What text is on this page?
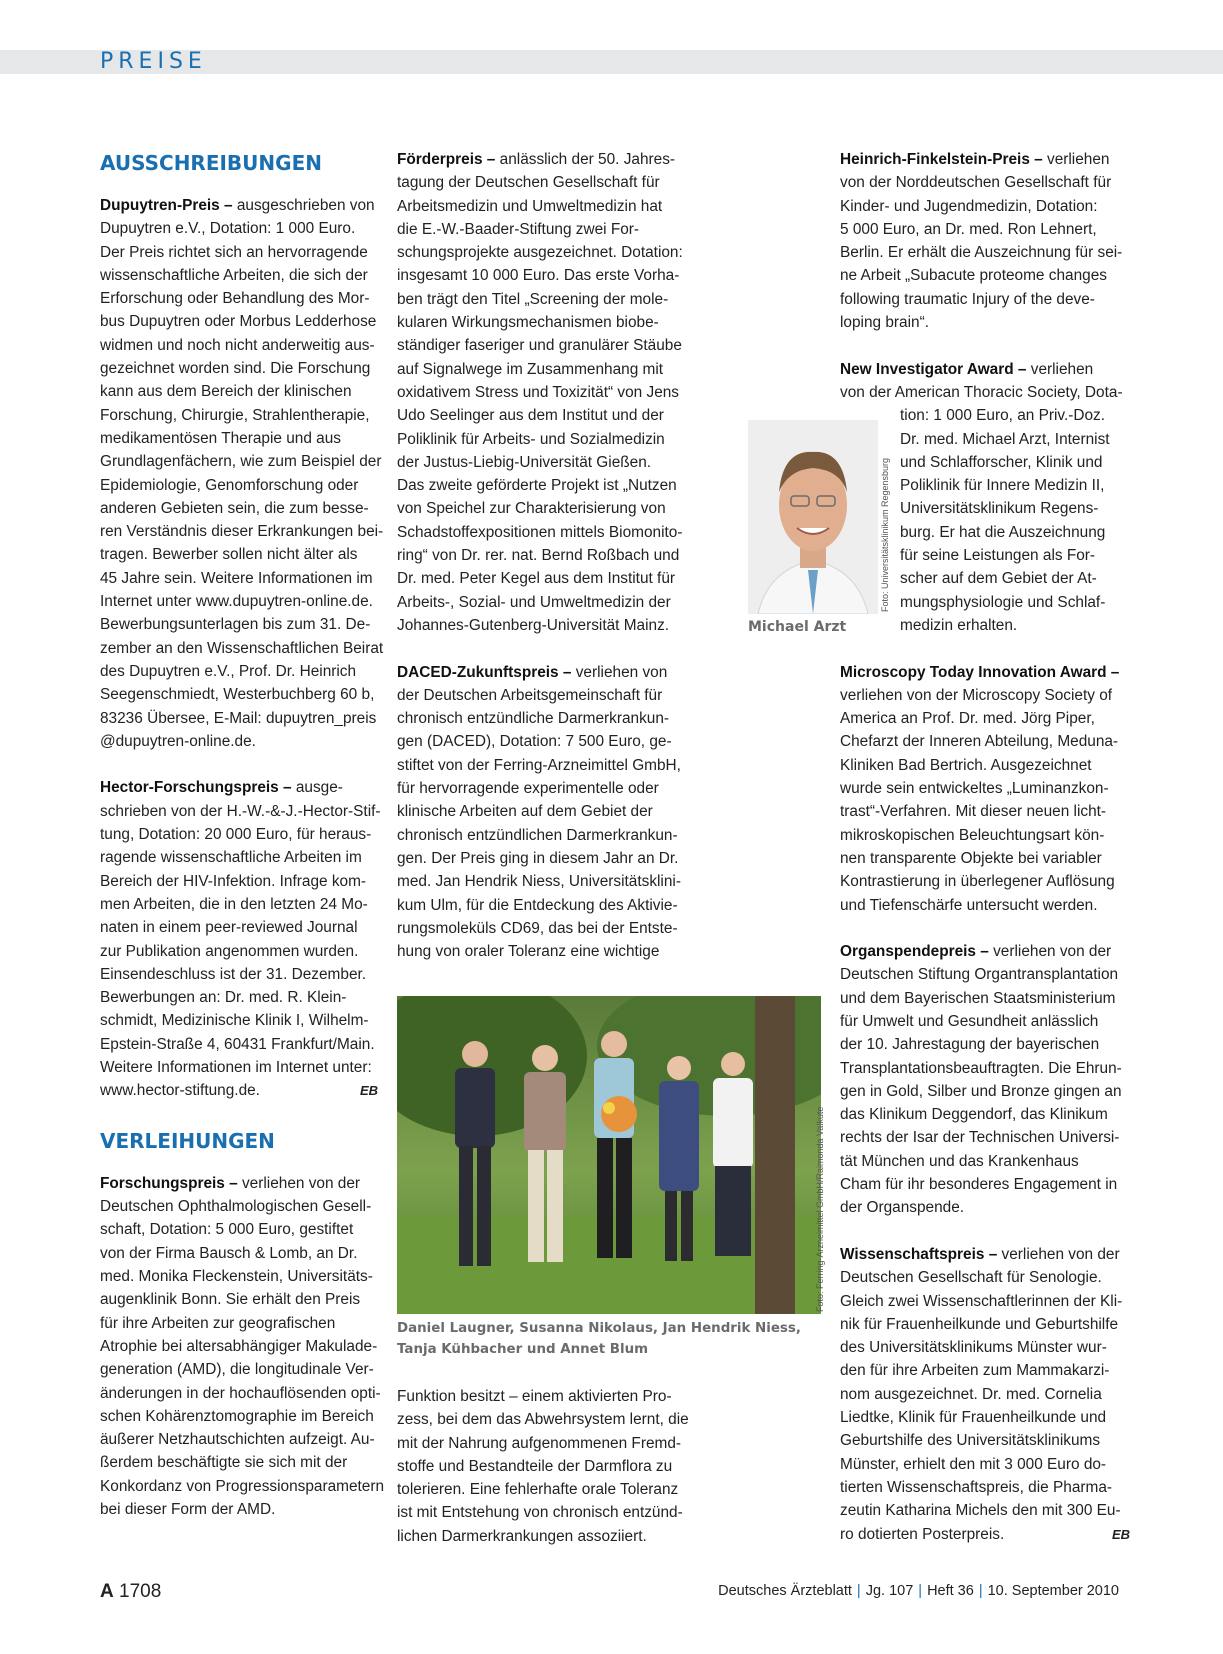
PREISE
AUSSCHREIBUNGEN

Dupuytren-Preis – ausgeschrieben von
Dupuytren e.V., Dotation: 1 000 Euro.
Der Preis richtet sich an hervorragende
wissenschaftliche Arbeiten, die sich der
Erforschung oder Behandlung des Mor-
bus Dupuytren oder Morbus Ledderhose
widmen und noch nicht anderweitig aus-
gezeichnet worden sind. Die Forschung
kann aus dem Bereich der klinischen
Forschung, Chirurgie, Strahlentherapie,
medikamentösen Therapie und aus
Grundlagenfächern, wie zum Beispiel der
Epidemiologie, Genomforschung oder
anderen Gebieten sein, die zum besse-
ren Verständnis dieser Erkrankungen bei-
tragen. Bewerber sollen nicht älter als
45 Jahre sein. Weitere Informationen im
Internet unter www.dupuytren-online.de.
Bewerbungsunterlagen bis zum 31. De-
zember an den Wissenschaftlichen Beirat
des Dupuytren e.V., Prof. Dr. Heinrich
Seegenschmiedt, Westerbuchberg 60 b,
83236 Übersee, E-Mail: dupuytren_preis
@dupuytren-online.de.

Hector-Forschungspreis – ausge-
schrieben von der H.-W.-&-J.-Hector-Stif-
tung, Dotation: 20 000 Euro, für heraus-
ragende wissenschaftliche Arbeiten im
Bereich der HIV-Infektion. Infrage kom-
men Arbeiten, die in den letzten 24 Mo-
naten in einem peer-reviewed Journal
zur Publikation angenommen wurden.
Einsendeschluss ist der 31. Dezember.
Bewerbungen an: Dr. med. R. Klein-
schmidt, Medizinische Klinik I, Wilhelm-
Epstein-Straße 4, 60431 Frankfurt/Main.
Weitere Informationen im Internet unter:
www.hector-stiftung.de.	EB

VERLEIHUNGEN

Forschungspreis – verliehen von der
Deutschen Ophthalmologischen Gesell-
schaft, Dotation: 5 000 Euro, gestiftet
von der Firma Bausch & Lomb, an Dr.
med. Monika Fleckenstein, Universitäts-
augenklinik Bonn. Sie erhält den Preis
für ihre Arbeiten zur geografischen
Atrophie bei altersabhängiger Makulade-
generation (AMD), die longitudinale Ver-
änderungen in der hochauflösenden opti-
schen Kohärenztomographie im Bereich
äußerer Netzhautschichten aufzeigt. Au-
ßerdem beschäftigte sie sich mit der
Konkordanz von Progressionsparametern
bei dieser Form der AMD.

Förderpreis – anlässlich der 50. Jahres-
tagung der Deutschen Gesellschaft für
Arbeitsmedizin und Umweltmedizin hat
die E.-W.-Baader-Stiftung zwei For-
schungsprojekte ausgezeichnet. Dotation:
insgesamt 10 000 Euro. Das erste Vorha-
ben trägt den Titel „Screening der mole-
kularen Wirkungsmechanismen biobe-
ständiger faseriger und granulärer Stäube
auf Signalwege im Zusammenhang mit
oxidativem Stress und Toxizität“ von Jens
Udo Seelinger aus dem Institut und der
Poliklinik für Arbeits- und Sozialmedizin
der Justus-Liebig-Universität Gießen.
Das zweite geförderte Projekt ist „Nutzen
von Speichel zur Charakterisierung von
Schadstoffexpositionen mittels Biomonito-
ring“ von Dr. rer. nat. Bernd Roßbach und
Dr. med. Peter Kegel aus dem Institut für
Arbeits-, Sozial- und Umweltmedizin der
Johannes-Gutenberg-Universität Mainz.

DACED-Zukunftspreis – verliehen von
der Deutschen Arbeitsgemeinschaft für
chronisch entzündliche Darmerkrankun-
gen (DACED), Dotation: 7 500 Euro, ge-
stiftet von der Ferring-Arzneimittel GmbH,
für hervorragende experimentelle oder
klinische Arbeiten auf dem Gebiet der
chronisch entzündlichen Darmerkrankun-
gen. Der Preis ging in diesem Jahr an Dr.
med. Jan Hendrik Niess, Universitätsklini-
kum Ulm, für die Entdeckung des Aktivie-
rungsmoleküls CD69, das bei der Entste-
hung von oraler Toleranz eine wichtige

Foto: Ferring-Arzneimittel GmbH/Raimonda Valkute
Daniel Laugner, Susanna Nikolaus, Jan Hendrik Niess,
Tanja Kühbacher und Annet Blum

Funktion besitzt – einem aktivierten Pro-
zess, bei dem das Abwehrsystem lernt, die
mit der Nahrung aufgenommenen Fremd-
stoffe und Bestandteile der Darmflora zu
tolerieren. Eine fehlerhafte orale Toleranz
ist mit Entstehung von chronisch entzünd-
lichen Darmerkrankungen assoziiert.

Heinrich-Finkelstein-Preis – verliehen
von der Norddeutschen Gesellschaft für
Kinder- und Jugendmedizin, Dotation:
5 000 Euro, an Dr. med. Ron Lehnert,
Berlin. Er erhält die Auszeichnung für sei-
ne Arbeit „Subacute proteome changes
following traumatic Injury of the deve-
loping brain“.

New Investigator Award – verliehen
von der American Thoracic Society, Dota-

tion: 1 000 Euro, an Priv.-Doz.
Dr. med. Michael Arzt, Internist
und Schlafforscher, Klinik und
Poliklinik für Innere Medizin II,
Universitätsklinikum Regens-
burg. Er hat die Auszeichnung
für seine Leistungen als For-
scher auf dem Gebiet der At-
mungsphysiologie und Schlaf-
medizin erhalten.

Microscopy Today Innovation Award –
verliehen von der Microscopy Society of
America an Prof. Dr. med. Jörg Piper,
Chefarzt der Inneren Abteilung, Meduna-
Kliniken Bad Bertrich. Ausgezeichnet
wurde sein entwickeltes „Luminanzkon-
trast“-Verfahren. Mit dieser neuen licht-
mikroskopischen Beleuchtungsart kön-
nen transparente Objekte bei variabler
Kontrastierung in überlegener Auflösung
und Tiefenschärfe untersucht werden.

Organspendepreis – verliehen von der
Deutschen Stiftung Organtransplantation
und dem Bayerischen Staatsministerium
für Umwelt und Gesundheit anlässlich
der 10. Jahrestagung der bayerischen
Transplantationsbeauftragten. Die Ehrun-
gen in Gold, Silber und Bronze gingen an
das Klinikum Deggendorf, das Klinikum
rechts der Isar der Technischen Universi-
tät München und das Krankenhaus
Cham für ihr besonderes Engagement in
der Organspende.

Wissenschaftspreis – verliehen von der
Deutschen Gesellschaft für Senologie.
Gleich zwei Wissenschaftlerinnen der Kli-
nik für Frauenheilkunde und Geburtshilfe
des Universitätsklinikums Münster wur-
den für ihre Arbeiten zum Mammakarzi-
nom ausgezeichnet. Dr. med. Cornelia
Liedtke, Klinik für Frauenheilkunde und
Geburtshilfe des Universitätsklinikums
Münster, erhielt den mit 3 000 Euro do-
tierten Wissenschaftspreis, die Pharma-
zeutin Katharina Michels den mit 300 Eu-
ro dotierten Posterpreis.	EB

Foto: Universitätsklinikum Regensburg
Michael Arzt
A 1708	Deutsches Ärzteblatt | Jg. 107 | Heft 36 | 10. September 2010
